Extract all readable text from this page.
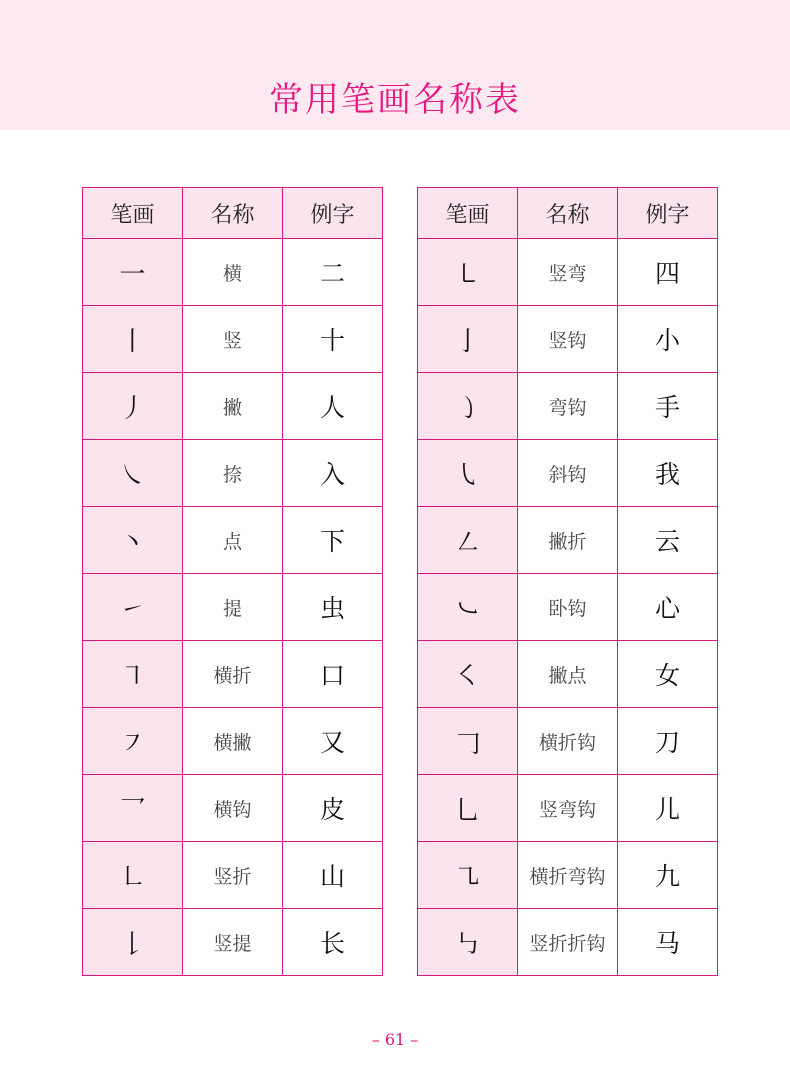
常用笔画名称表
笔画	名称	例字
一	横	二
丨	竖	十
丿	撇	人
㇏	捺	入
丶	点	下
㇀	提	虫
㇕	横折	口
㇇	横撇	又
乛	横钩	皮
㇗	竖折	山
𠄌	竖提	长
笔画	名称	例字
㇄	竖弯	四
亅	竖钩	小
㇁	弯钩	手
㇂	斜钩	我
㇜	撇折	云
㇃	卧钩	心
㇛	撇点	女
𠃌	横折钩	刀
乚	竖弯钩	儿
㇈	横折弯钩	九
㇉	竖折折钩	马
– 61 –
